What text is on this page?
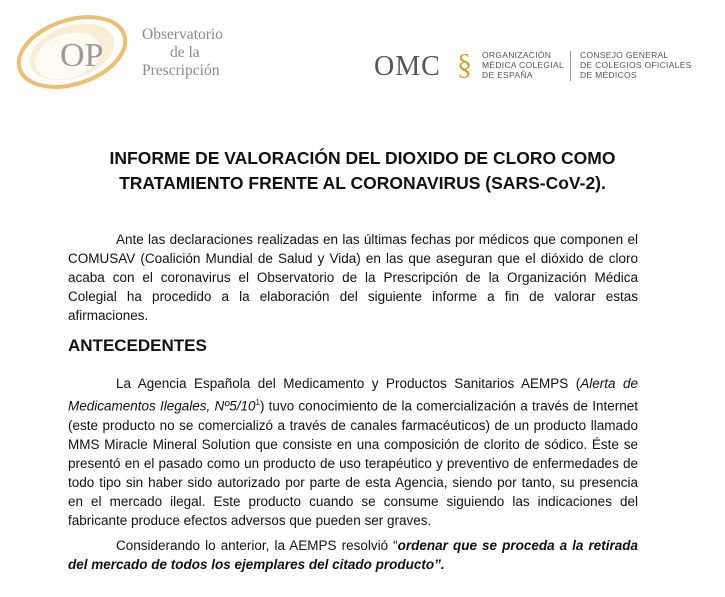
OP
Observatorio
de la
Prescripción	OMC § ORGANIZACIÓN
MÉDICA COLEGIAL
DE ESPAÑA
CONSEJO GENERAL
DE COLEGIOS OFICIALES
DE MÉDICOS
INFORME DE VALORACIÓN DEL DIOXIDO DE CLORO COMO
TRATAMIENTO FRENTE AL CORONAVIRUS (SARS-CoV-2).
Ante las declaraciones realizadas en las últimas fechas por médicos que componen el COMUSAV (Coalición Mundial de Salud y Vida) en las que aseguran que el dióxido de cloro acaba con el coronavirus el Observatorio de la Prescripción de la Organización Médica Colegial ha procedido a la elaboración del siguiente informe a fin de valorar estas afirmaciones.
ANTECEDENTES
La Agencia Española del Medicamento y Productos Sanitarios AEMPS (Alerta de Medicamentos Ilegales, $Nº5/10^1$) tuvo conocimiento de la comercialización a través de Internet (este producto no se comercializó a través de canales farmacéuticos) de un producto llamado MMS Miracle Mineral Solution que consiste en una composición de clorito de sódico. Éste se presentó en el pasado como un producto de uso terapéutico y preventivo de enfermedades de todo tipo sin haber sido autorizado por parte de esta Agencia, siendo por tanto, su presencia en el mercado ilegal. Este producto cuando se consume siguiendo las indicaciones del fabricante produce efectos adversos que pueden ser graves.
Considerando lo anterior, la AEMPS resolvió “ordenar que se proceda a la retirada del mercado de todos los ejemplares del citado producto”.
